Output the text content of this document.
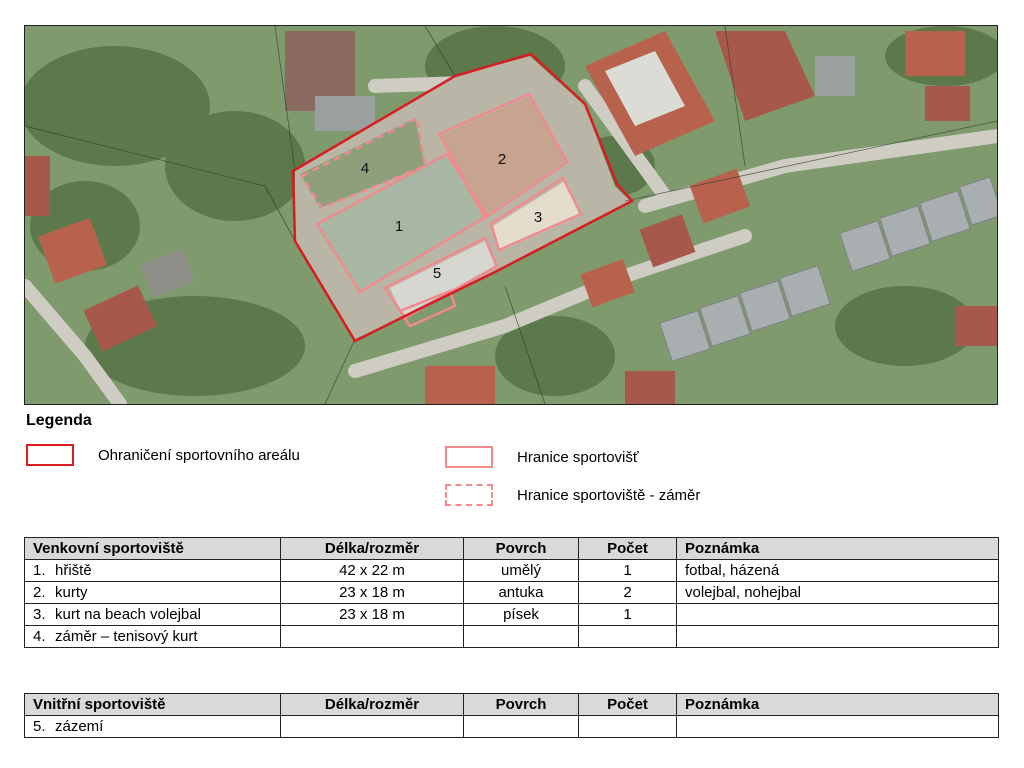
1
2
3
4
5
Legenda
Ohraničení sportovního areálu	Hranice sportovišť
Hranice sportoviště - záměr
Venkovní sportoviště	Délka/rozměr	Povrch	Počet	Poznámka
1. hřiště	42 x 22 m	umělý	1	fotbal, házená
2. kurty	23 x 18 m	antuka	2	volejbal, nohejbal
3. kurt na beach volejbal	23 x 18 m	písek	1	
4. záměr – tenisový kurt				
Vnitřní sportoviště	Délka/rozměr	Povrch	Počet	Poznámka
5. zázemí				
